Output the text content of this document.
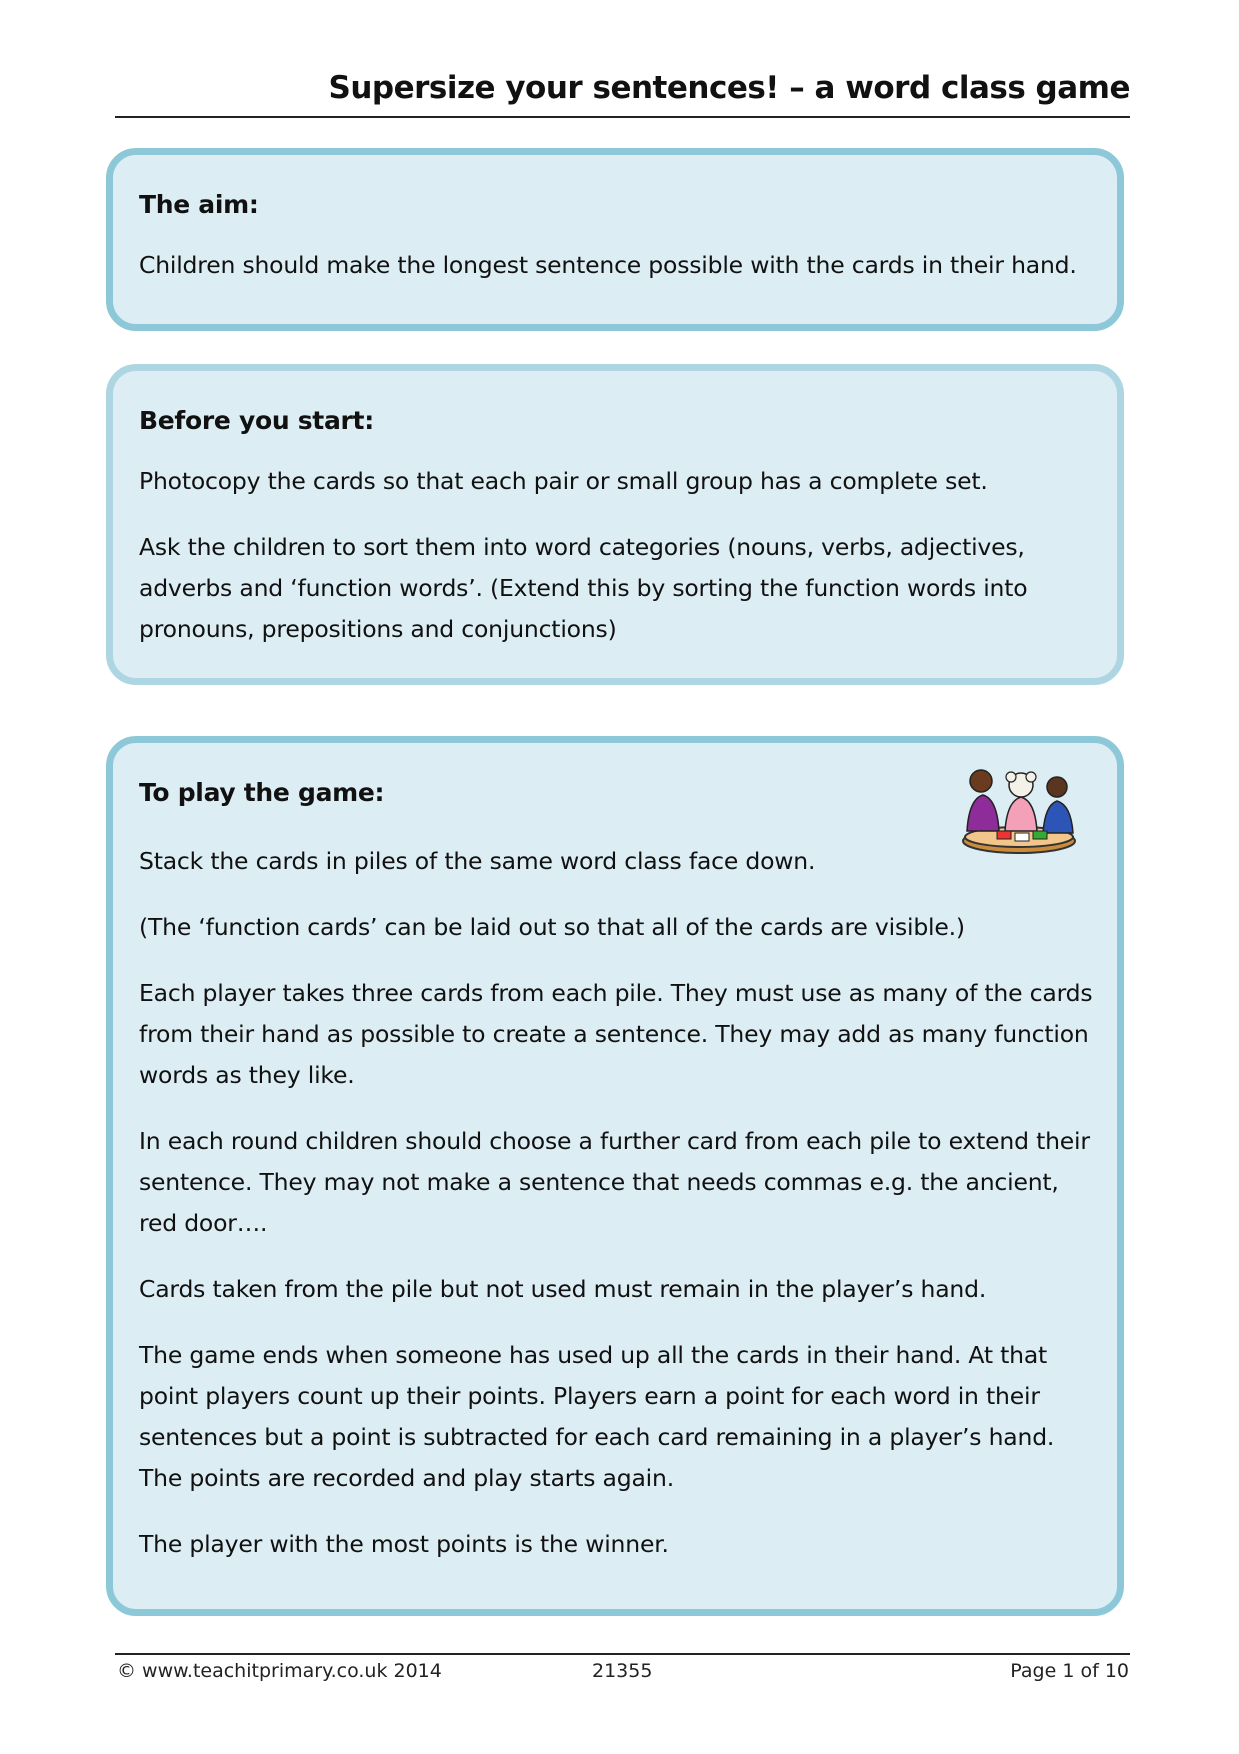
Supersize your sentences! – a word class game
The aim:

Children should make the longest sentence possible with the cards in their hand.

Before you start:

Photocopy the cards so that each pair or small group has a complete set.

Ask the children to sort them into word categories (nouns, verbs, adjectives, adverbs and ‘function words’. (Extend this by sorting the function words into pronouns, prepositions and conjunctions)

To play the game:

Stack the cards in piles of the same word class face down.

(The ‘function cards’ can be laid out so that all of the cards are visible.)

Each player takes three cards from each pile. They must use as many of the cards from their hand as possible to create a sentence. They may add as many function words as they like.

In each round children should choose a further card from each pile to extend their sentence. They may not make a sentence that needs commas e.g. the ancient, red door….

Cards taken from the pile but not used must remain in the player’s hand.

The game ends when someone has used up all the cards in their hand. At that point players count up their points. Players earn a point for each word in their sentences but a point is subtracted for each card remaining in a player’s hand. The points are recorded and play starts again.

The player with the most points is the winner.

© www.teachitprimary.co.uk 2014	21355	Page 1 of 10
